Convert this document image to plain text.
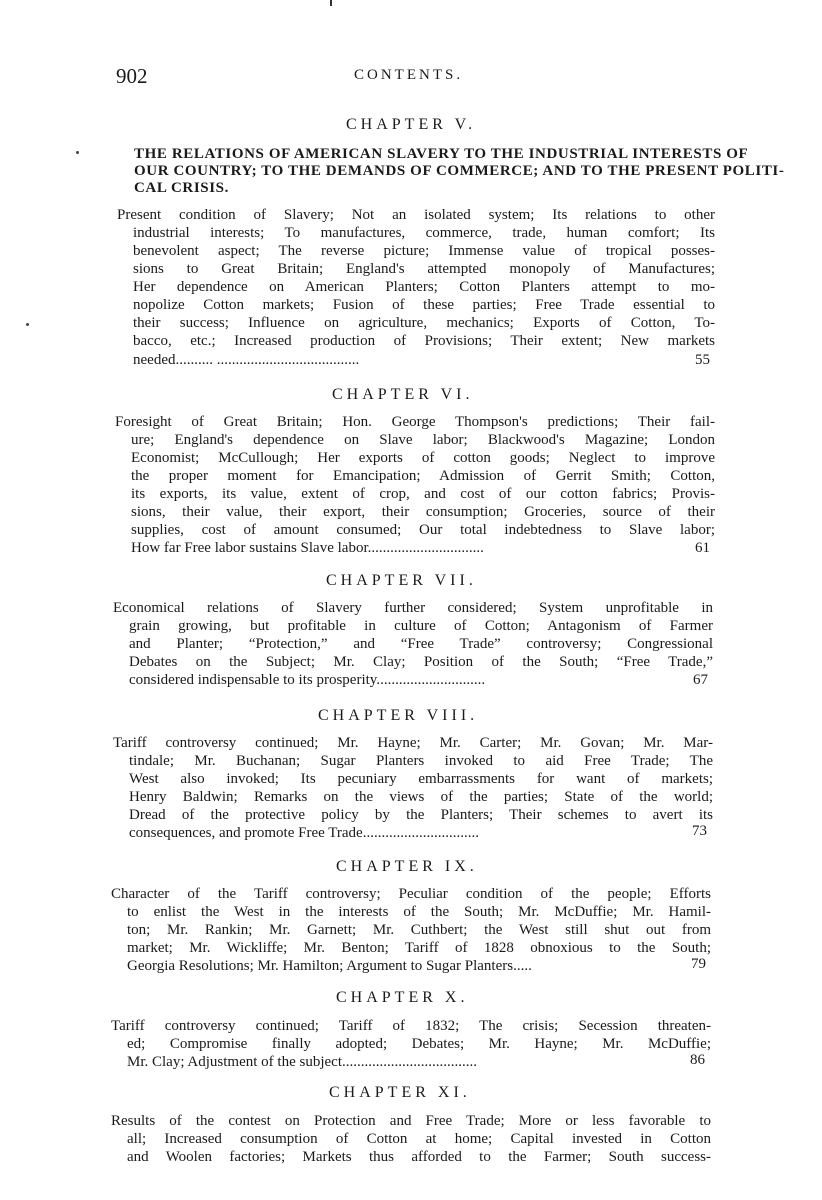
902	CONTENTS.
CHAPTER V.
THE RELATIONS OF AMERICAN SLAVERY TO THE INDUSTRIAL INTERESTS OF
OUR COUNTRY; TO THE DEMANDS OF COMMERCE; AND TO THE PRESENT POLITI-
CAL CRISIS.
Present condition of Slavery; Not an isolated system; Its relations to other
industrial interests; To manufactures, commerce, trade, human comfort; Its
benevolent aspect; The reverse picture; Immense value of tropical posses-
sions to Great Britain; England's attempted monopoly of Manufactures;
Her dependence on American Planters; Cotton Planters attempt to mo-
nopolize Cotton markets; Fusion of these parties; Free Trade essential to
their success; Influence on agriculture, mechanics; Exports of Cotton, To-
bacco, etc.; Increased production of Provisions; Their extent; New markets
needed.......... ......................................	55
CHAPTER VI.
Foresight of Great Britain; Hon. George Thompson's predictions; Their fail-
ure; England's dependence on Slave labor; Blackwood's Magazine; London
Economist; McCullough; Her exports of cotton goods; Neglect to improve
the proper moment for Emancipation; Admission of Gerrit Smith; Cotton,
its exports, its value, extent of crop, and cost of our cotton fabrics; Provis-
sions, their value, their export, their consumption; Groceries, source of their
supplies, cost of amount consumed; Our total indebtedness to Slave labor;
How far Free labor sustains Slave labor...............................	61
CHAPTER VII.
Economical relations of Slavery further considered; System unprofitable in
grain growing, but profitable in culture of Cotton; Antagonism of Farmer
and Planter; “Protection,” and “Free Trade” controversy; Congressional
Debates on the Subject; Mr. Clay; Position of the South; “Free Trade,”
considered indispensable to its prosperity.............................	67
CHAPTER VIII.
Tariff controversy continued; Mr. Hayne; Mr. Carter; Mr. Govan; Mr. Mar-
tindale; Mr. Buchanan; Sugar Planters invoked to aid Free Trade; The
West also invoked; Its pecuniary embarrassments for want of markets;
Henry Baldwin; Remarks on the views of the parties; State of the world;
Dread of the protective policy by the Planters; Their schemes to avert its
consequences, and promote Free Trade...............................	73
CHAPTER IX.
Character of the Tariff controversy; Peculiar condition of the people; Efforts
to enlist the West in the interests of the South; Mr. McDuffie; Mr. Hamil-
ton; Mr. Rankin; Mr. Garnett; Mr. Cuthbert; the West still shut out from
market; Mr. Wickliffe; Mr. Benton; Tariff of 1828 obnoxious to the South;
Georgia Resolutions; Mr. Hamilton; Argument to Sugar Planters.....	79
CHAPTER X.
Tariff controversy continued; Tariff of 1832; The crisis; Secession threaten-
ed; Compromise finally adopted; Debates; Mr. Hayne; Mr. McDuffie;
Mr. Clay; Adjustment of the subject....................................	86
CHAPTER XI.
Results of the contest on Protection and Free Trade; More or less favorable to
all; Increased consumption of Cotton at home; Capital invested in Cotton
and Woolen factories; Markets thus afforded to the Farmer; South success-
